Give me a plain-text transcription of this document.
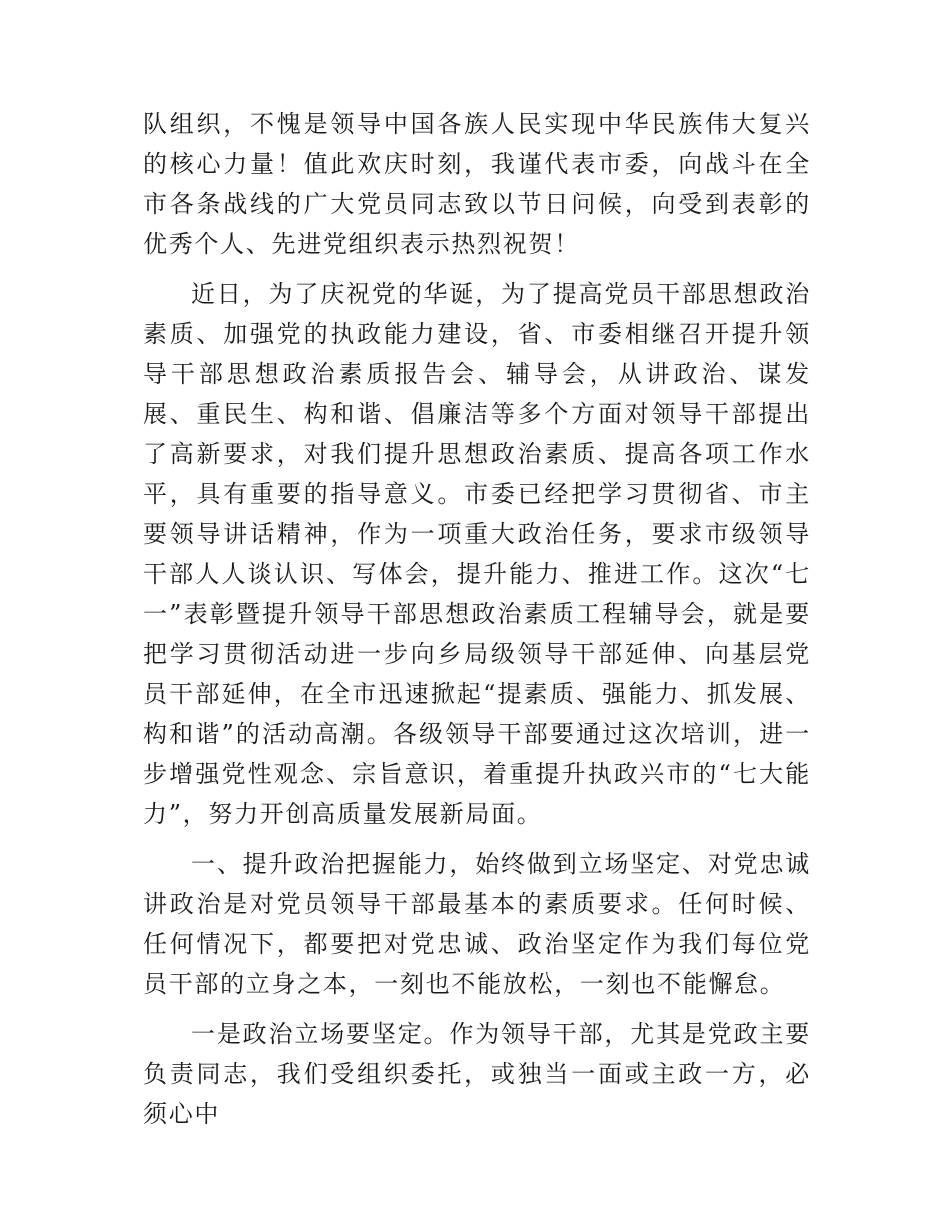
队组织，不愧是领导中国各族人民实现中华民族伟大复兴的核心力量！值此欢庆时刻，我谨代表市委，向战斗在全市各条战线的广大党员同志致以节日问候，向受到表彰的优秀个人、先进党组织表示热烈祝贺！

近日，为了庆祝党的华诞，为了提高党员干部思想政治素质、加强党的执政能力建设，省、市委相继召开提升领导干部思想政治素质报告会、辅导会，从讲政治、谋发展、重民生、构和谐、倡廉洁等多个方面对领导干部提出了高新要求，对我们提升思想政治素质、提高各项工作水平，具有重要的指导意义。市委已经把学习贯彻省、市主要领导讲话精神，作为一项重大政治任务，要求市级领导干部人人谈认识、写体会，提升能力、推进工作。这次“七一”表彰暨提升领导干部思想政治素质工程辅导会，就是要把学习贯彻活动进一步向乡局级领导干部延伸、向基层党员干部延伸，在全市迅速掀起“提素质、强能力、抓发展、构和谐”的活动高潮。各级领导干部要通过这次培训，进一步增强党性观念、宗旨意识，着重提升执政兴市的“七大能力”，努力开创高质量发展新局面。

一、提升政治把握能力，始终做到立场坚定、对党忠诚讲政治是对党员领导干部最基本的素质要求。任何时候、任何情况下，都要把对党忠诚、政治坚定作为我们每位党员干部的立身之本，一刻也不能放松，一刻也不能懈怠。

一是政治立场要坚定。作为领导干部，尤其是党政主要负责同志，我们受组织委托，或独当一面或主政一方，必须心中
